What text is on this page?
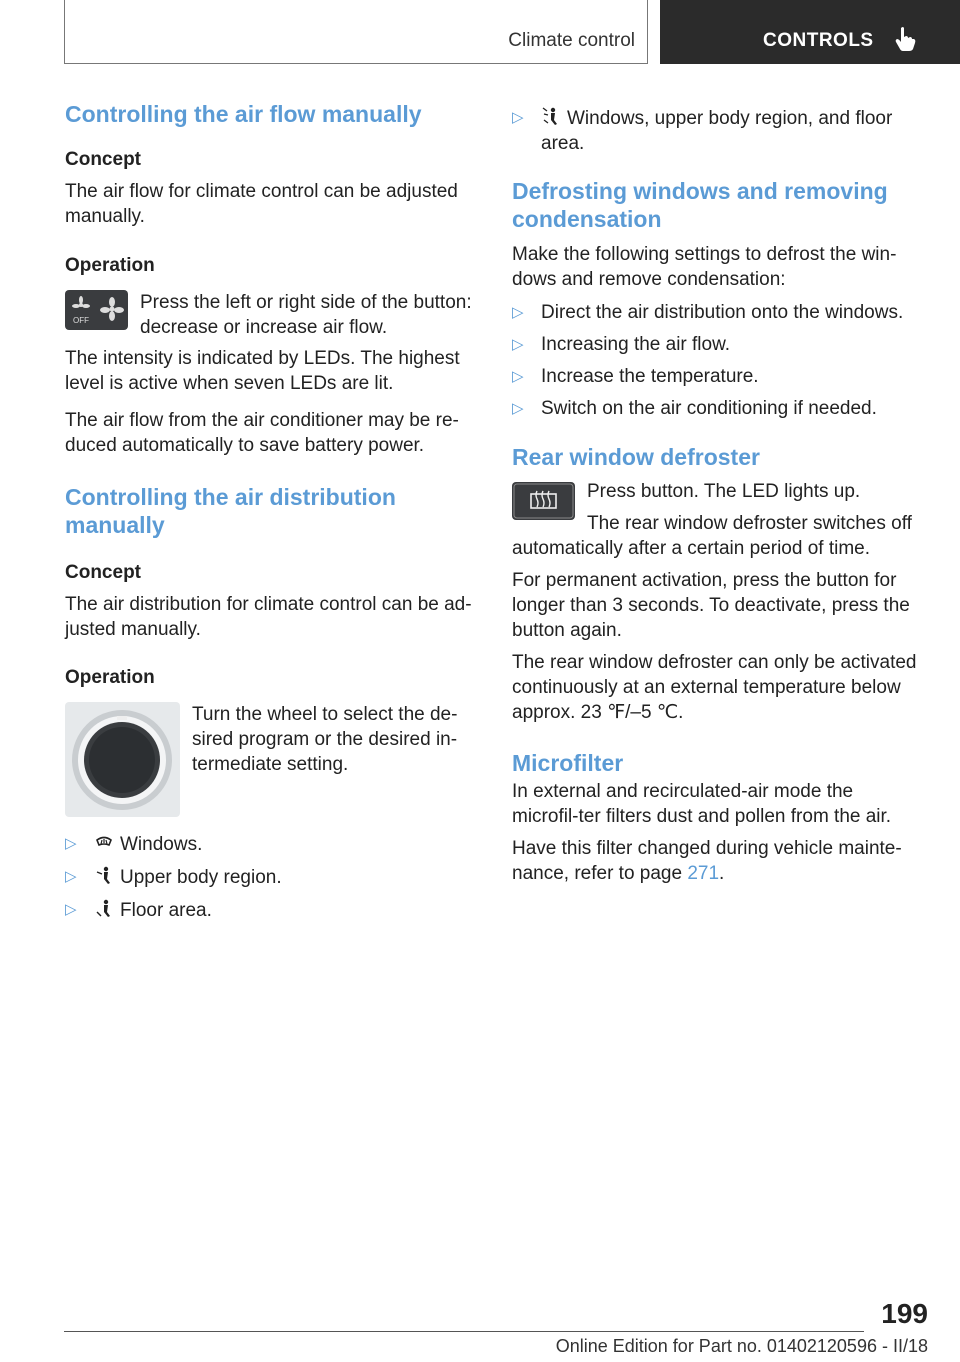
Climate control	CONTROLS
Controlling the air flow manually
Concept

The air flow for climate control can be adjusted manually.

Operation
OFF

Press the left or right side of the button: decrease or increase air flow.

The intensity is indicated by LEDs. The highest level is active when seven LEDs are lit.

The air flow from the air conditioner may be re-duced automatically to save battery power.

Controlling the air distribution manually
Concept

The air distribution for climate control can be ad-justed manually.

Operation

Turn the wheel to select the de-sired program or the desired in-termediate setting.

▷	Windows.
▷	Upper body region.
▷	Floor area.
▷	Windows, upper body region, and floor area.
Defrosting windows and removing condensation

Make the following settings to defrost the win-dows and remove condensation:

▷ Direct the air distribution onto the windows.
▷ Increasing the air flow.
▷ Increase the temperature.
▷ Switch on the air conditioning if needed.
Rear window defroster

Press button. The LED lights up.

The rear window defroster switches off

automatically after a certain period of time.

For permanent activation, press the button for longer than 3 seconds. To deactivate, press the button again.

The rear window defroster can only be activated continuously at an external temperature below approx. 23 ℉/–5 ℃.

Microfilter

In external and recirculated-air mode the microfil-ter filters dust and pollen from the air.

Have this filter changed during vehicle mainte-nance, refer to page 271.

199
Online Edition for Part no. 01402120596 - II/18
